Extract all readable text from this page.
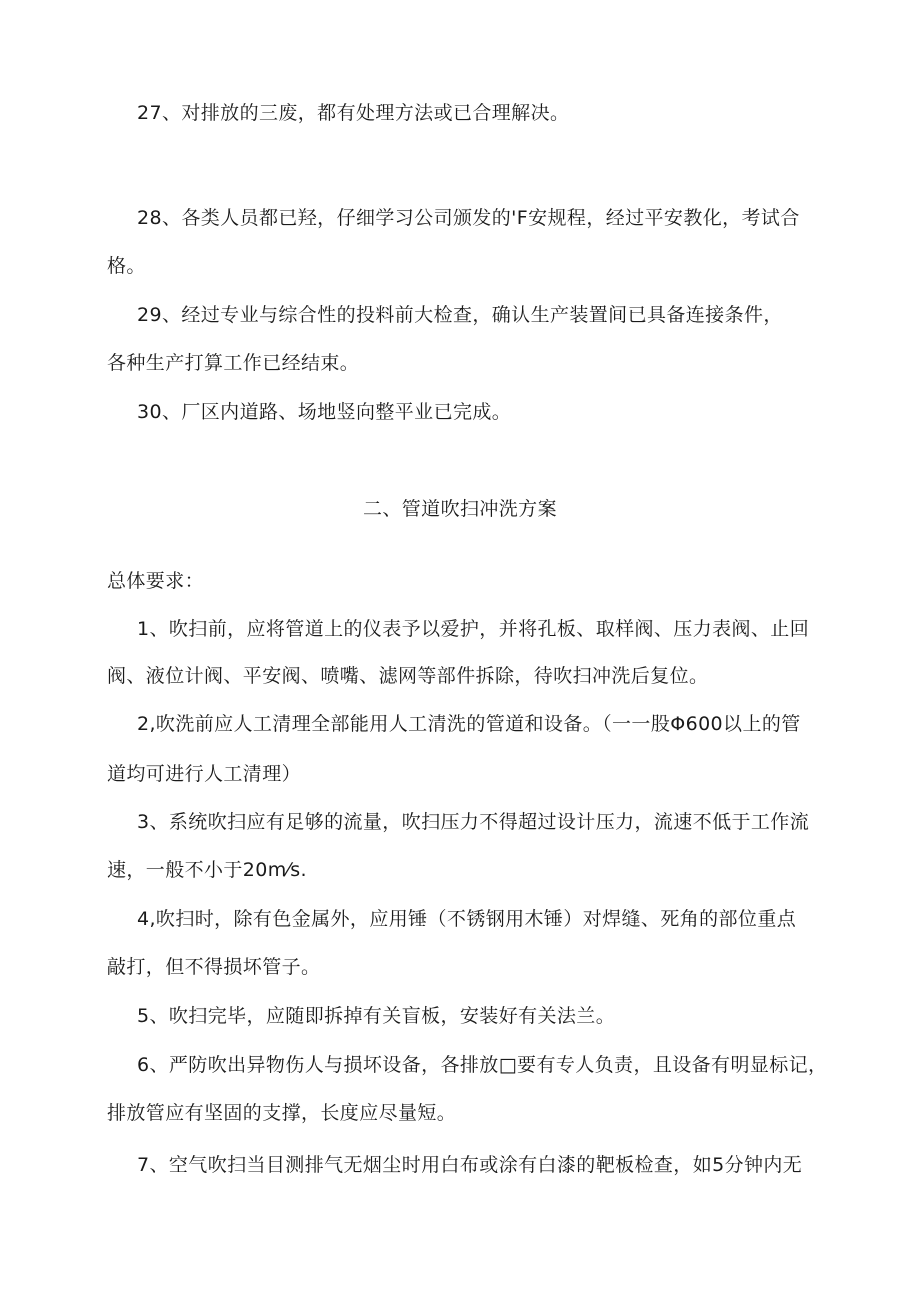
27、对排放的三废，都有处理方法或已合理解决。
28、各类人员都已羟，仔细学习公司颁发的'F安规程，经过平安教化，考试合
格。
29、经过专业与综合性的投料前大检查，确认生产装置间已具备连接条件，
各种生产打算工作已经结束。
30、厂区内道路、场地竖向整平业已完成。
二、管道吹扫冲洗方案
总体要求：
1、吹扫前，应将管道上的仪表予以爱护，并将孔板、取样阀、压力表阀、止回
阀、液位计阀、平安阀、喷嘴、滤网等部件拆除，待吹扫冲洗后复位。
2,吹洗前应人工清理全部能用人工清洗的管道和设备。（一一股Φ600以上的管
道均可进行人工清理）
3、系统吹扫应有足够的流量，吹扫压力不得超过设计压力，流速不低于工作流
速，一般不小于20m⁄s.
4,吹扫时，除有色金属外，应用锤（不锈钢用木锤）对焊缝、死角的部位重点
敲打，但不得损坏管子。
5、吹扫完毕，应随即拆掉有关盲板，安装好有关法兰。
6、严防吹出异物伤人与损坏设备，各排放□要有专人负责，且设备有明显标记，
排放管应有坚固的支撑，长度应尽量短。
7、空气吹扫当目测排气无烟尘时用白布或涂有白漆的靶板检查，如5分钟内无
